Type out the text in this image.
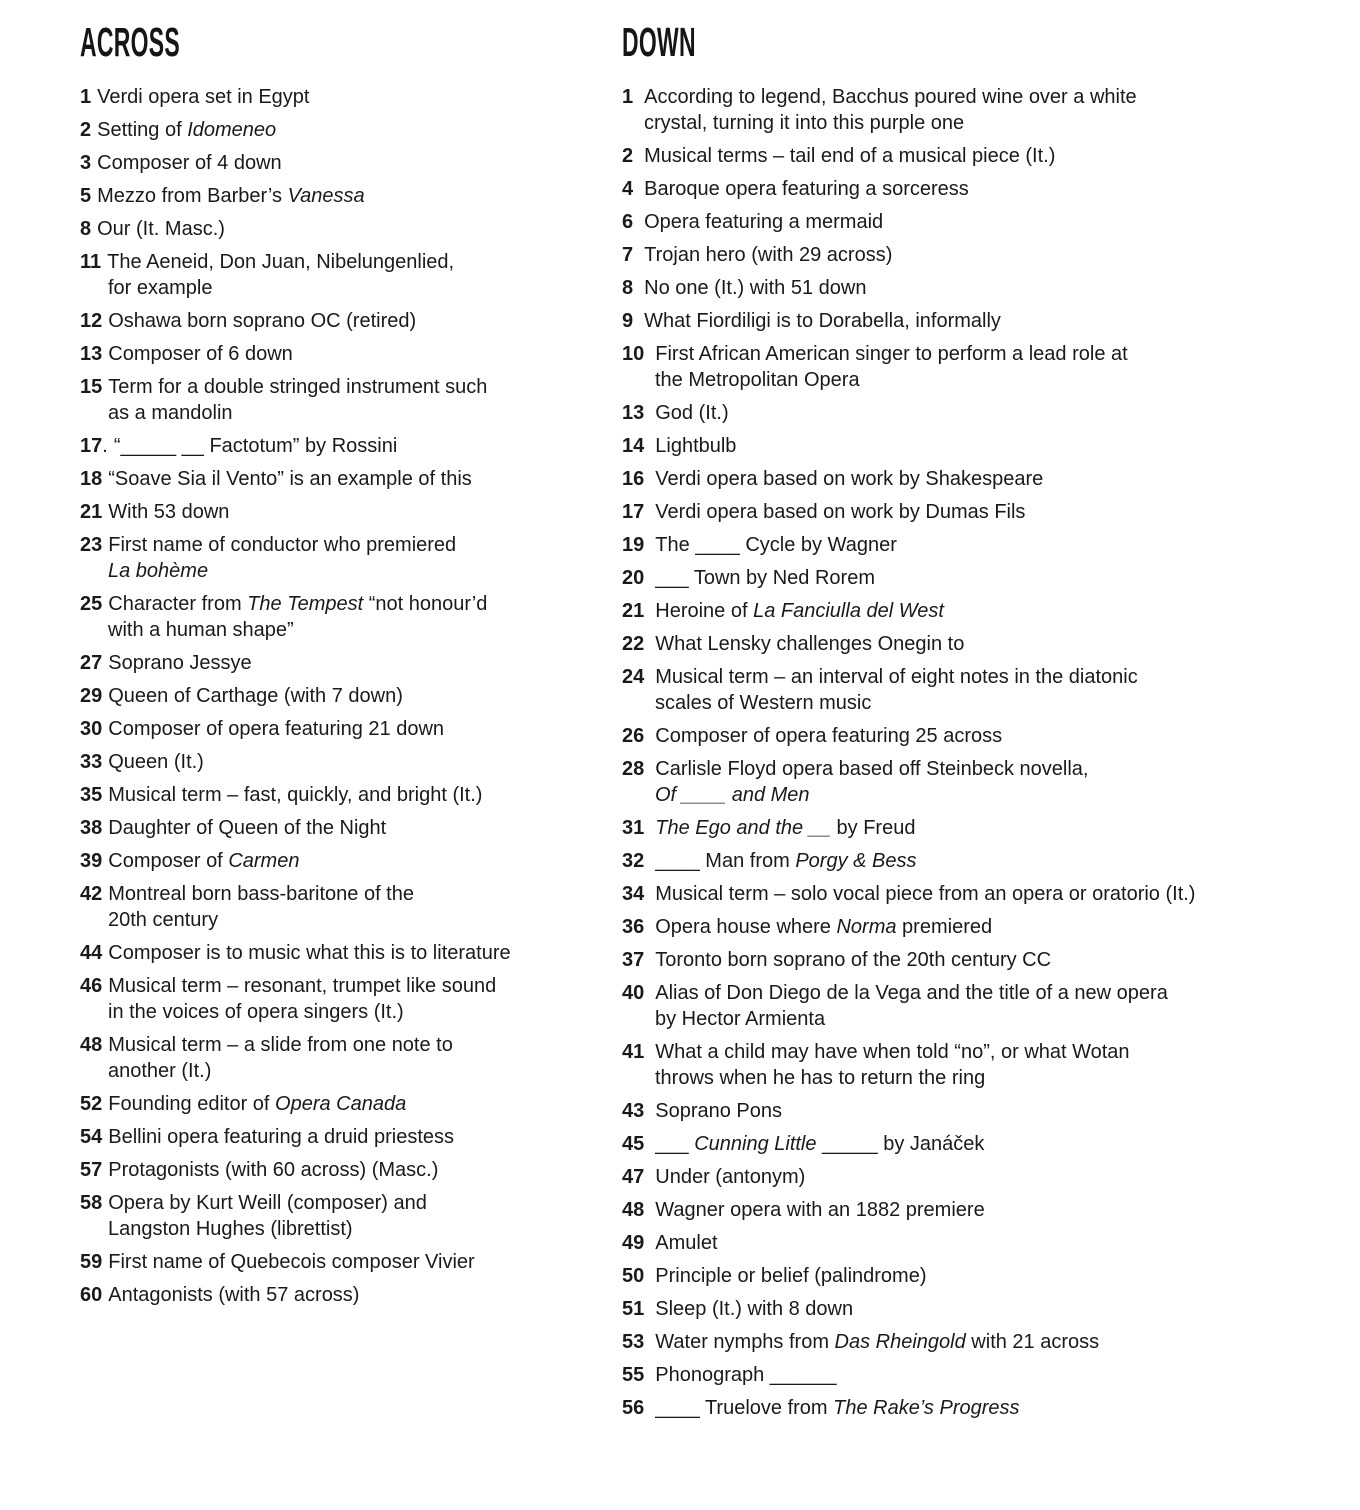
ACROSS
1 Verdi opera set in Egypt
2 Setting of Idomeneo
3 Composer of 4 down
5 Mezzo from Barber’s Vanessa
8 Our (It. Masc.)
11 The Aeneid, Don Juan, Nibelungenlied,
for example
12 Oshawa born soprano OC (retired)
13 Composer of 6 down
15 Term for a double stringed instrument such
as a mandolin
17. “_____ __ Factotum” by Rossini
18 “Soave Sia il Vento” is an example of this
21 With 53 down
23 First name of conductor who premiered
La bohème
25 Character from The Tempest “not honour’d
with a human shape”
27 Soprano Jessye
29 Queen of Carthage (with 7 down)
30 Composer of opera featuring 21 down
33 Queen (It.)
35 Musical term – fast, quickly, and bright (It.)
38 Daughter of Queen of the Night
39 Composer of Carmen
42 Montreal born bass-baritone of the
20th century
44 Composer is to music what this is to literature
46 Musical term – resonant, trumpet like sound
in the voices of opera singers (It.)
48 Musical term – a slide from one note to
another (It.)
52 Founding editor of Opera Canada
54 Bellini opera featuring a druid priestess
57 Protagonists (with 60 across) (Masc.)
58 Opera by Kurt Weill (composer) and
Langston Hughes (librettist)
59 First name of Quebecois composer Vivier
60 Antagonists (with 57 across)
DOWN
1 According to legend, Bacchus poured wine over a white
crystal, turning it into this purple one
2 Musical terms – tail end of a musical piece (It.)
4 Baroque opera featuring a sorceress
6 Opera featuring a mermaid
7 Trojan hero (with 29 across)
8 No one (It.) with 51 down
9 What Fiordiligi is to Dorabella, informally
10 First African American singer to perform a lead role at
the Metropolitan Opera
13 God (It.)
14 Lightbulb
16 Verdi opera based on work by Shakespeare
17 Verdi opera based on work by Dumas Fils
19 The ____ Cycle by Wagner
20 ___ Town by Ned Rorem
21 Heroine of La Fanciulla del West
22 What Lensky challenges Onegin to
24 Musical term – an interval of eight notes in the diatonic
scales of Western music
26 Composer of opera featuring 25 across
28 Carlisle Floyd opera based off Steinbeck novella,
Of ____ and Men
31 The Ego and the __ by Freud
32 ____ Man from Porgy & Bess
34 Musical term – solo vocal piece from an opera or oratorio (It.)
36 Opera house where Norma premiered
37 Toronto born soprano of the 20th century CC
40 Alias of Don Diego de la Vega and the title of a new opera
by Hector Armienta
41 What a child may have when told “no”, or what Wotan
throws when he has to return the ring
43 Soprano Pons
45 ___ Cunning Little _____ by Janáček
47 Under (antonym)
48 Wagner opera with an 1882 premiere
49 Amulet
50 Principle or belief (palindrome)
51 Sleep (It.) with 8 down
53 Water nymphs from Das Rheingold with 21 across
55 Phonograph ______
56 ____ Truelove from The Rake’s Progress
